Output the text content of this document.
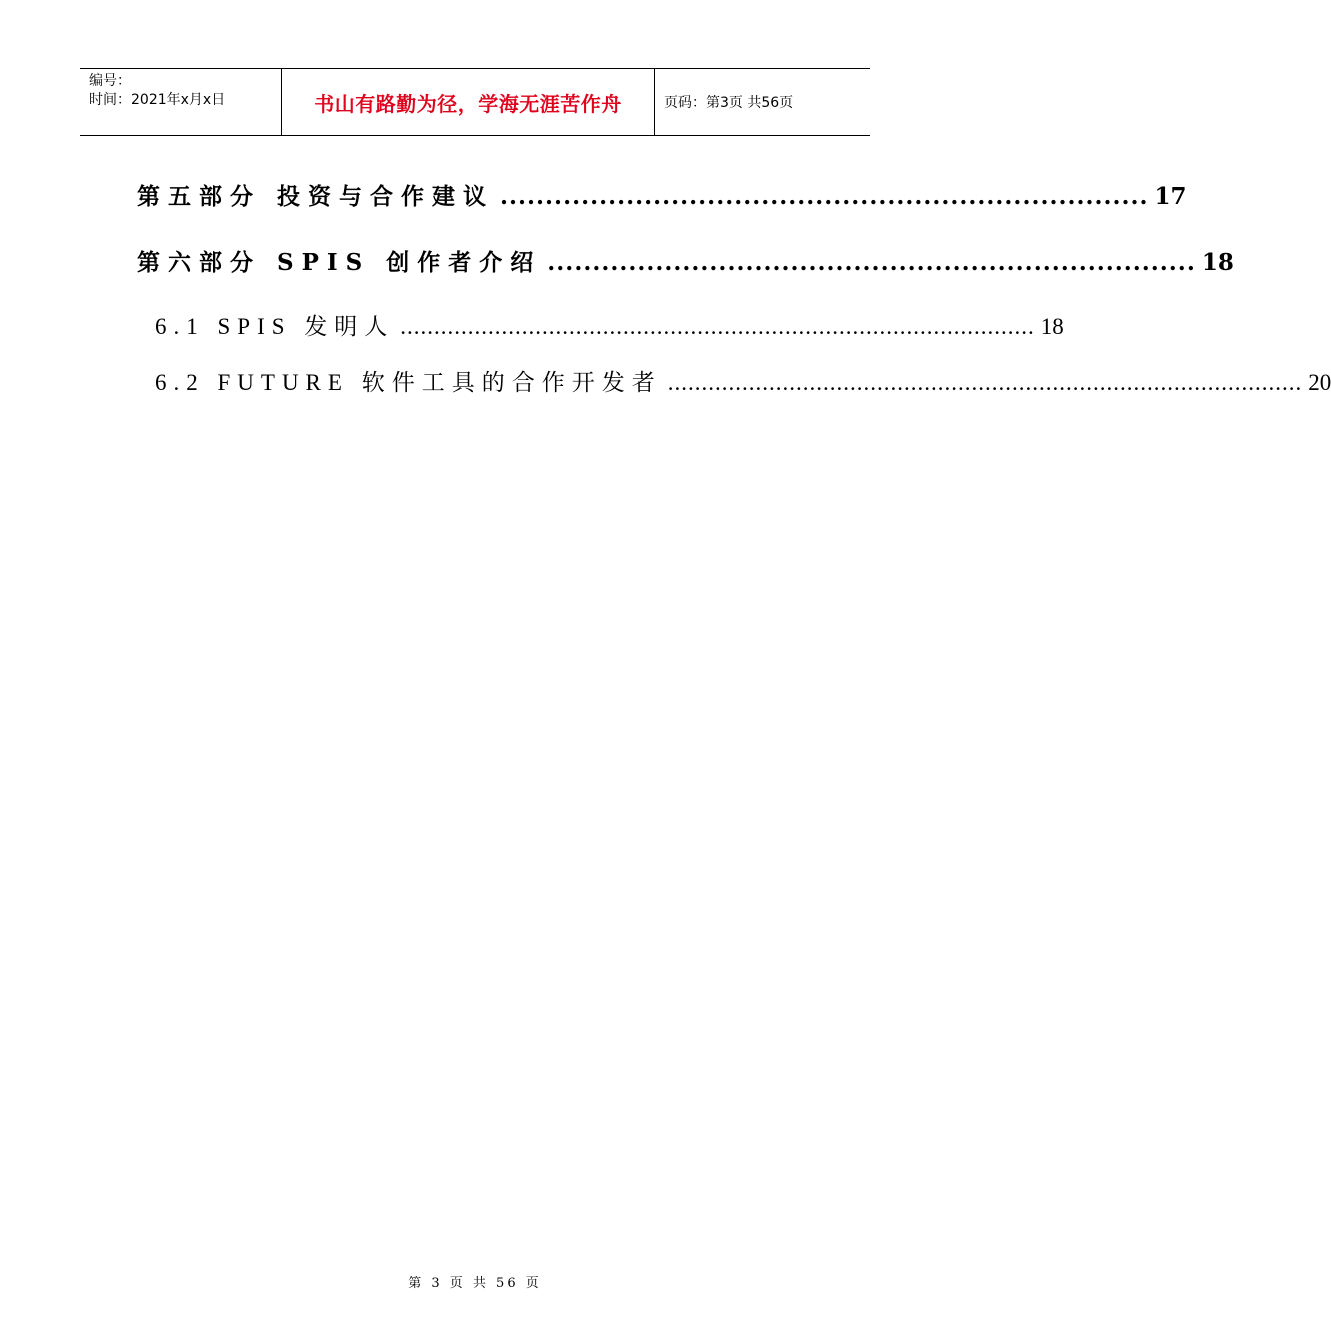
编号：
时间：2021年x月x日	书山有路勤为径，学海无涯苦作舟	页码：第3页 共56页
第五部分 投资与合作建议 ........................................................................ 17
第六部分 SPIS 创作者介绍 ........................................................................ 18
6.1 SPIS 发明人 .............................................................................................. 18
6.2 FUTURE 软件工具的合作开发者 .............................................................................................. 20
第 3 页 共 56 页
